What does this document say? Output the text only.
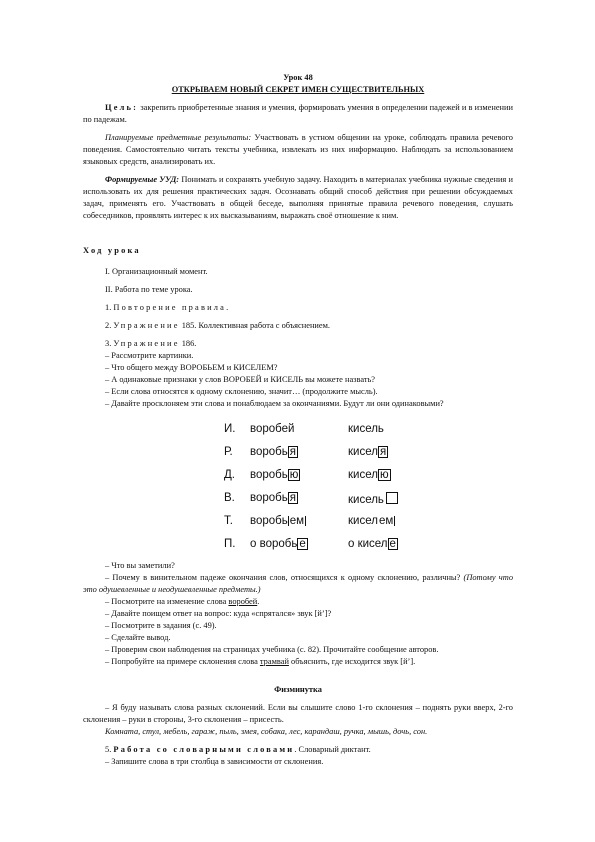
Урок 48
ОТКРЫВАЕМ НОВЫЙ СЕКРЕТ ИМЕН СУЩЕСТВИТЕЛЬНЫХ
Цель: закрепить приобретенные знания и умения, формировать умения в определении падежей и в изменении по падежам.
Планируемые предметные результаты: Участвовать в устном общении на уроке, соблюдать правила речевого поведения. Самостоятельно читать тексты учебника, извлекать из них информацию. Наблюдать за использованием языковых средств, анализировать их.
Формируемые УУД: Понимать и сохранять учебную задачу. Находить в материалах учебника нужные сведения и использовать их для решения практических задач. Осознавать общий способ действия при решении обсуждаемых задач, применять его. Участвовать в общей беседе, выполняя принятые правила речевого поведения, слушать собеседников, проявлять интерес к их высказываниям, выражать своё отношение к ним.
Ход урока
I. Организационный момент.
II. Работа по теме урока.
1. Повторение правила.
2. Упражнение 185. Коллективная работа с объяснением.
3. Упражнение 186.
– Рассмотрите картинки.
– Что общего между ВОРОБЬЕМ и КИСЕЛЕМ?
– А одинаковые признаки у слов ВОРОБЕЙ и КИСЕЛЬ вы можете назвать?
– Если слова относятся к одному склонению, значит… (продолжите мысль).
– Давайте просклоняем эти слова и понаблюдаем за окончаниями. Будут ли они одинаковыми?
И.	воробей	кисель
Р.	воробь я	кисел я
Д.	воробь ю	кисел ю
В.	воробь я	кисель
Т.	воробь ем	киселем
П.	о воробь е	о кисел е
– Что вы заметили?
– Почему в винительном падеже окончания слов, относящихся к одному склонению, различны? (Потому что это одушевленные и неодушевленные предметы.)
– Посмотрите на изменение слова воробей.
– Давайте поищем ответ на вопрос: куда «спрятался» звук [й’]?
– Посмотрите в задания (с. 49).
– Сделайте вывод.
– Проверим свои наблюдения на страницах учебника (с. 82). Прочитайте сообщение авторов.
– Попробуйте на примере склонения слова трамвай объяснить, где исходится звук [й’].
Физминутка
– Я буду называть слова разных склонений. Если вы слышите слово 1-го склонения – поднять руки вверх, 2-го склонения – руки в стороны, 3-го склонения – присесть.
Комната, стул, мебель, гараж, пыль, змея, собака, лес, карандаш, ручка, мышь, дочь, сон.
5. Работа со словарными словами. Словарный диктант.
– Запишите слова в три столбца в зависимости от склонения.
